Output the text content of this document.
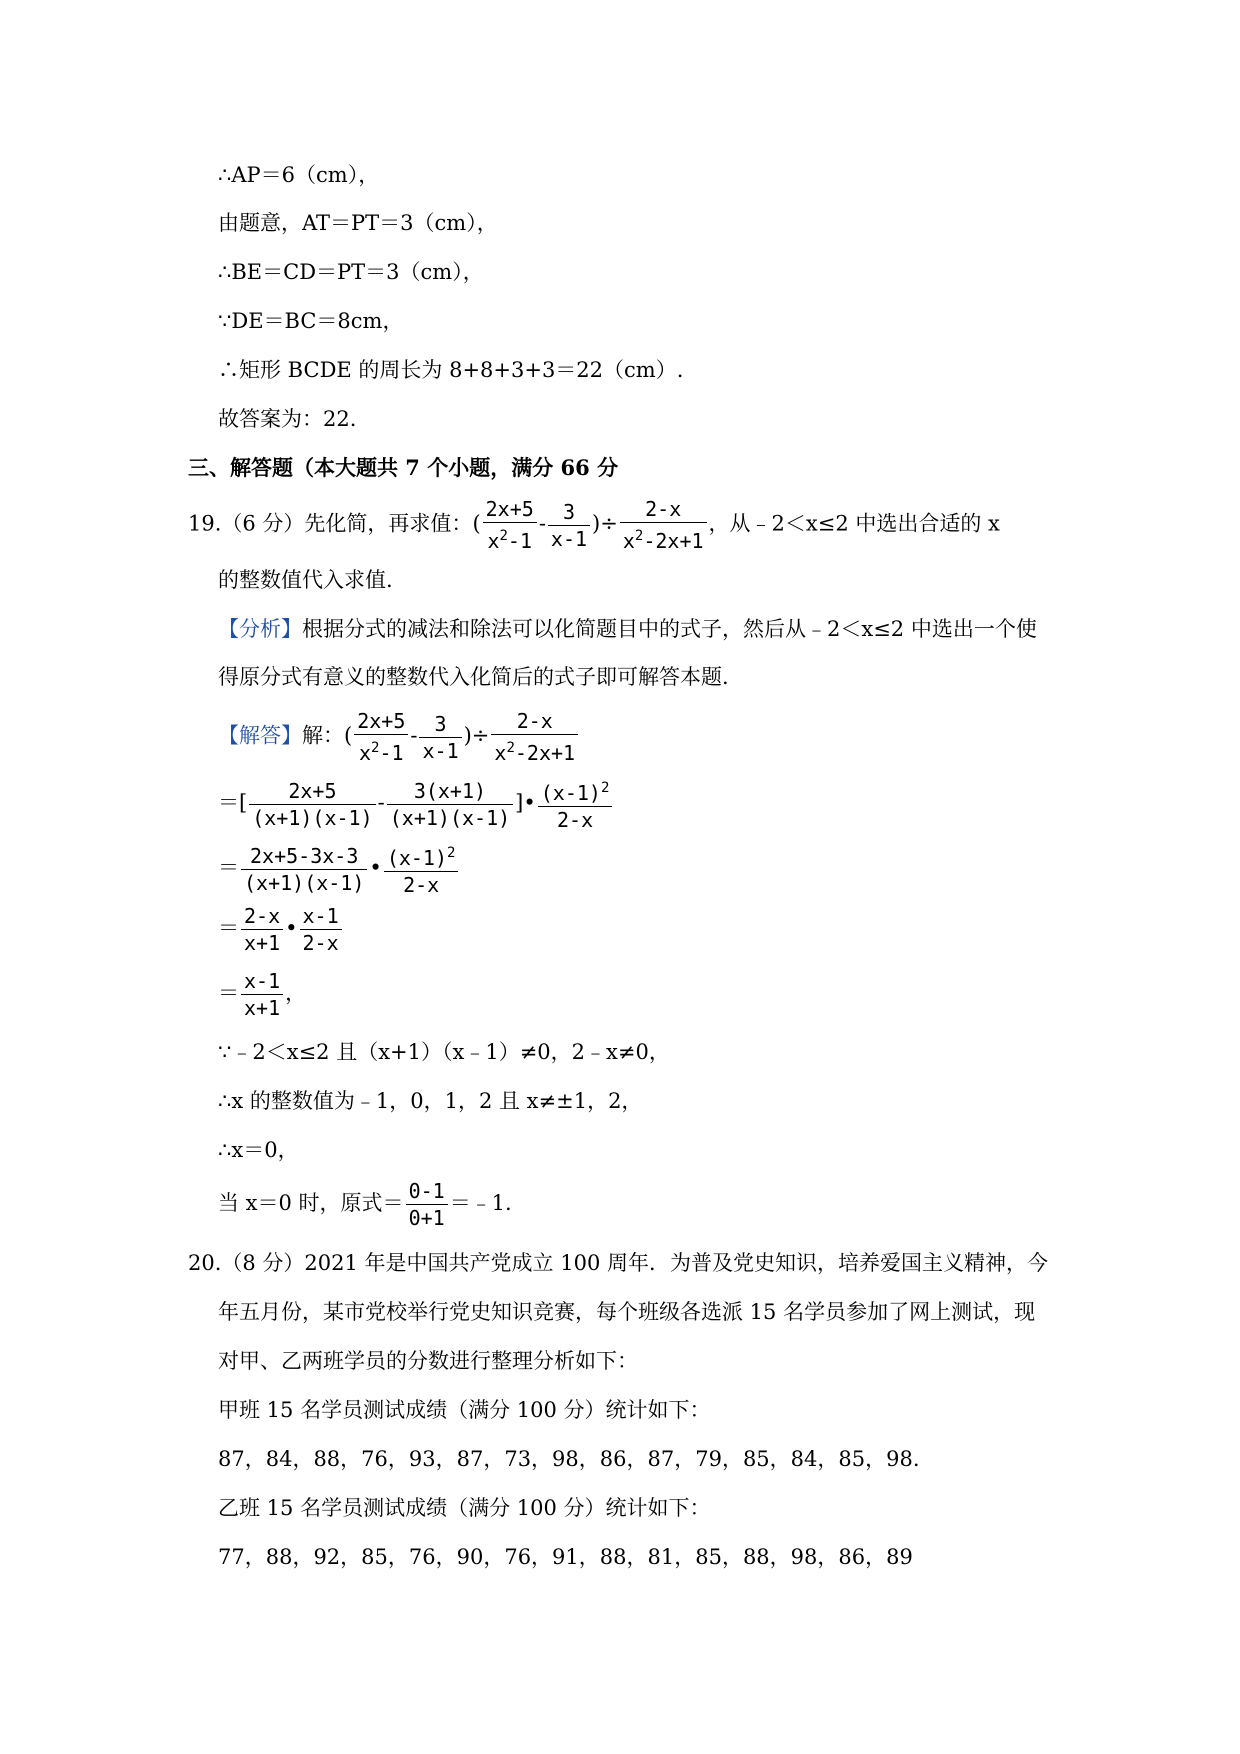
∴AP＝6（cm），
由题意，AT＝PT＝3（cm），
∴BE＝CD＝PT＝3（cm），
∵DE＝BC＝8cm，
∴矩形 BCDE 的周长为 8+8+3+3＝22（cm）.
故答案为：22.
三、解答题（本大题共 7 个小题，满分 66 分
19.（6 分）先化简，再求值：( $\frac{2x+5}{x^2-1} - \frac{3}{x-1}$ )÷ $\frac{2-x}{x^2-2x+1}$ ，从﹣2＜x≤2 中选出合适的 x
的整数值代入求值.
【分析】根据分式的减法和除法可以化简题目中的式子，然后从﹣2＜x≤2 中选出一个使
得原分式有意义的整数代入化简后的式子即可解答本题.
【解答】解：( $\frac{2x+5}{x^2-1} - \frac{3}{x-1}$ )÷ $\frac{2-x}{x^2-2x+1}$
＝[ $\frac{2x+5}{(x+1)(x-1)} - \frac{3(x+1)}{(x+1)(x-1)}$ ]• $\frac{(x-1)^2}{2-x}$
＝ $\frac{2x+5-3x-3}{(x+1)(x-1)}$ • $\frac{(x-1)^2}{2-x}$
＝ $\frac{2-x}{x+1}$ • $\frac{x-1}{2-x}$
＝ $\frac{x-1}{x+1}$ ，
∵﹣2＜x≤2 且（x+1）（x﹣1）≠0，2﹣x≠0，
∴x 的整数值为﹣1，0，1，2 且 x≠±1，2，
∴x＝0，
当 x＝0 时，原式＝ $\frac{0-1}{0+1}$ ＝﹣1.
20.（8 分）2021 年是中国共产党成立 100 周年．为普及党史知识，培养爱国主义精神，今
年五月份，某市党校举行党史知识竞赛，每个班级各选派 15 名学员参加了网上测试，现
对甲、乙两班学员的分数进行整理分析如下：
甲班 15 名学员测试成绩（满分 100 分）统计如下：
87，84，88，76，93，87，73，98，86，87，79，85，84，85，98.
乙班 15 名学员测试成绩（满分 100 分）统计如下：
77，88，92，85，76，90，76，91，88，81，85，88，98，86，89
